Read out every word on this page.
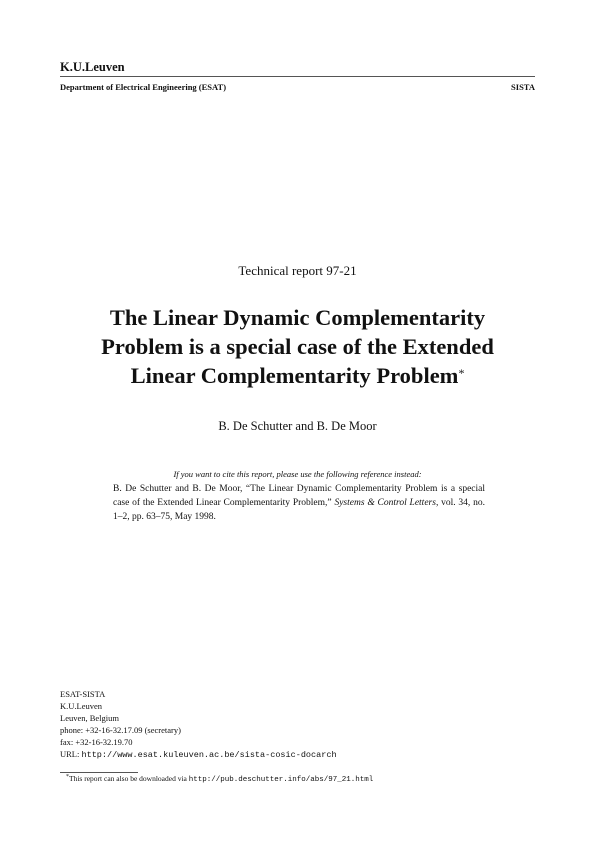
K.U.Leuven
Department of Electrical Engineering (ESAT)	SISTA
Technical report 97-21
The Linear Dynamic Complementarity
Problem is a special case of the Extended
Linear Complementarity Problem*
B. De Schutter and B. De Moor
If you want to cite this report, please use the following reference instead:
B. De Schutter and B. De Moor, “The Linear Dynamic Complementarity Problem is a special case of the Extended Linear Complementarity Problem,” Systems & Control Letters, vol. 34, no. 1–2, pp. 63–75, May 1998.
ESAT-SISTA
K.U.Leuven
Leuven, Belgium
phone: +32-16-32.17.09 (secretary)
fax: +32-16-32.19.70
URL: http://www.esat.kuleuven.ac.be/sista-cosic-docarch
*This report can also be downloaded via http://pub.deschutter.info/abs/97_21.html
